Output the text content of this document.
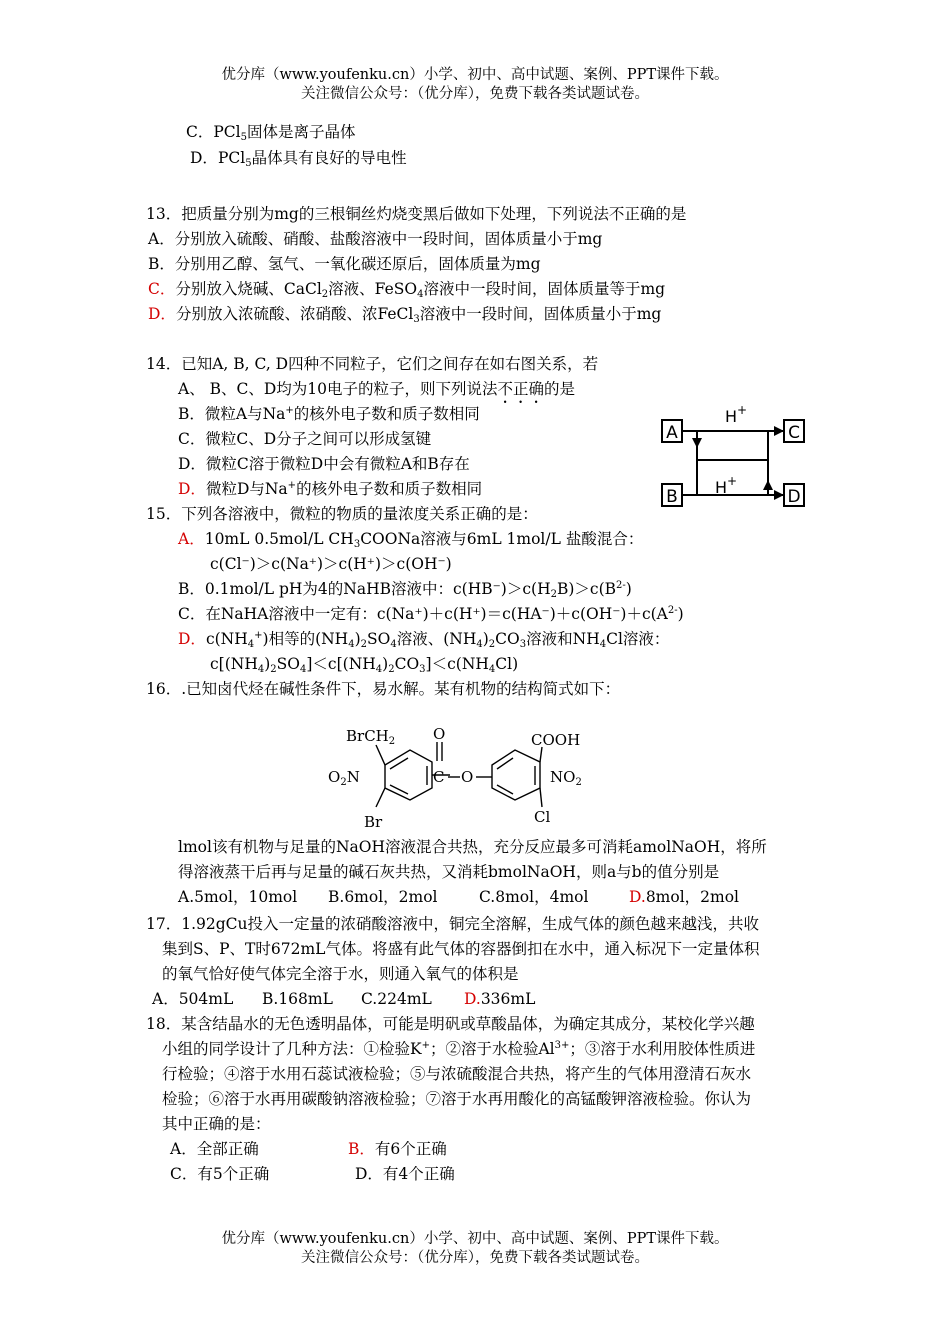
优分库（www.youfenku.cn）小学、初中、高中试题、案例、PPT课件下载。
关注微信公众号：（优分库），免费下载各类试题试卷。
C．PCl$_5$固体是离子晶体
D．PCl$_5$晶体具有良好的导电性
13．把质量分别为mg的三根铜丝灼烧变黑后做如下处理，下列说法不正确的是
A．分别放入硫酸、硝酸、盐酸溶液中一段时间，固体质量小于mg
B．分别用乙醇、氢气、一氧化碳还原后，固体质量为mg
C．分别放入烧碱、CaCl$_2$溶液、FeSO$_4$溶液中一段时间，固体质量等于mg
D．分别放入浓硫酸、浓硝酸、浓FeCl$_3$溶液中一段时间，固体质量小于mg
14．已知A, B, C, D四种不同粒子，它们之间存在如右图关系，若
A、 B、C、D均为10电子的粒子，则下列说法不正确的是
B．微粒A与Na+的核外电子数和质子数相同
C．微粒C、D分子之间可以形成氢键
D．微粒C溶于微粒D中会有微粒A和B存在
D．微粒D与Na+的核外电子数和质子数相同
A	C
B	D
H +
H +
15．下列各溶液中，微粒的物质的量浓度关系正确的是：
A．10mL 0.5mol/L $CH_3COONa$溶液与6mL 1mol/L 盐酸混合：
c(Cl⁻)＞c(Na⁺)＞c(H⁺)＞c(OH⁻)
B．0.1mol/L pH为4的NaHB溶液中：$c(HB^-)>c(H_2B)>c(B^{2-})$
C．在NaHA溶液中一定有：$c(Na^+)+c(H^+)=c(HA^-)+c(OH^-)+c(A^{2-})$
D．$c(NH_4^+)$相等的$(NH_4)_2SO_4$溶液、$(NH_4)_2CO_3$溶液和$NH_4Cl$溶液：
$c[(NH_4)_2SO_4]<c[(NH_4)_2CO_3]<c(NH_4Cl)$
16．.已知卤代烃在碱性条件下，易水解。某有机物的结构简式如下：
BrCH$_2$
$O_2N$
Br
O
C O
COOH
$NO_2$
Cl
lmol该有机物与足量的NaOH溶液混合共热，充分反应最多可消耗amolNaOH，将所
得溶液蒸干后再与足量的碱石灰共热，又消耗bmolNaOH，则a与b的值分别是
A.5mol，10mol B.6mol，2mol	C.8mol，4mol	D.8mol，2mol
17．1.92gCu投入一定量的浓硝酸溶液中，铜完全溶解，生成气体的颜色越来越浅，共收
集到S、P、T时672mL气体。将盛有此气体的容器倒扣在水中，通入标况下一定量体积
的氧气恰好使气体完全溶于水，则通入氧气的体积是
A．504mL B.168mL C.224mL D.336mL
18．某含结晶水的无色透明晶体，可能是明矾或草酸晶体，为确定其成分，某校化学兴趣
小组的同学设计了几种方法：①检验K+；②溶于水检验$Al^{3+}$；③溶于水利用胶体性质进
行检验；④溶于水用石蕊试液检验；⑤与浓硫酸混合共热，将产生的气体用澄清石灰水
检验；⑥溶于水再用碳酸钠溶液检验；⑦溶于水再用酸化的高锰酸钾溶液检验。你认为
其中正确的是：
A．全部正确	B．有6个正确
C．有5个正确	D．有4个正确
优分库（www.youfenku.cn）小学、初中、高中试题、案例、PPT课件下载。
关注微信公众号：（优分库），免费下载各类试题试卷。
